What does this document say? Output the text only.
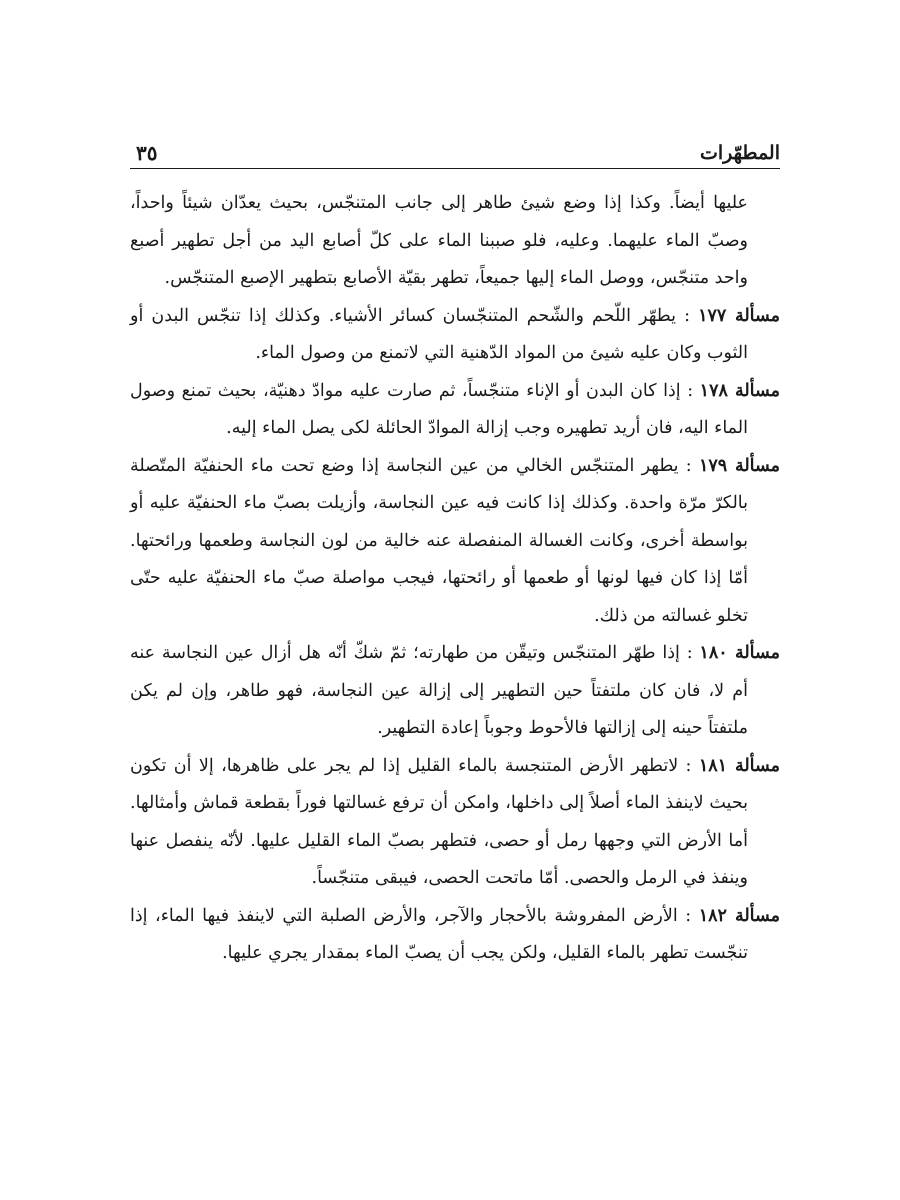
المطهّرات
٣٥

عليها أيضاً. وكذا إذا وضع شيئ طاهر إلى جانب المتنجّس، بحيث يعدّان شيئاً واحداً، وصبّ الماء عليهما. وعليه، فلو صببنا الماء على كلّ أصابع اليد من أجل تطهير أصبع واحد متنجّس، ووصل الماء إليها جميعاً، تطهر بقيّة الأصابع بتطهير الإصبع المتنجّس.

مسألة ١٧٧ : يطهّر اللّحم والشّحم المتنجّسان كسائر الأشياء. وكذلك إذا تنجّس البدن أو الثوب وكان عليه شيئ من المواد الدّهنية التي لاتمنع من وصول الماء.

مسألة ١٧٨ : إذا كان البدن أو الإناء متنجّساً، ثم صارت عليه موادّ دهنيّة، بحيث تمنع وصول الماء اليه، فان أريد تطهيره وجب إزالة الموادّ الحائلة لكى يصل الماء إليه.

مسألة ١٧٩ : يطهر المتنجّس الخالي من عين النجاسة إذا وضع تحت ماء الحنفيّة المتّصلة بالكرّ مرّة واحدة. وكذلك إذا كانت فيه عين النجاسة، وأزيلت بصبّ ماء الحنفيّة عليه أو بواسطة أخرى، وكانت الغسالة المنفصلة عنه خالية من لون النجاسة وطعمها ورائحتها. أمّا إذا كان فيها لونها أو طعمها أو رائحتها، فيجب مواصلة صبّ ماء الحنفيّة عليه حتّى تخلو غسالته من ذلك.

مسألة ١٨٠ : إذا طهّر المتنجّس وتيقّن من طهارته؛ ثمّ شكّ أنّه هل أزال عين النجاسة عنه أم لا، فان كان ملتفتاً حين التطهير إلى إزالة عين النجاسة، فهو طاهر، وإن لم يكن ملتفتاً حينه إلى إزالتها فالأحوط وجوباً إعادة التطهير.

مسألة ١٨١ : لاتطهر الأرض المتنجسة بالماء القليل إذا لم يجر على ظاهرها، إلا أن تكون بحيث لاينفذ الماء أصلاً إلى داخلها، وامكن أن ترفع غسالتها فوراً بقطعة قماش وأمثالها. أما الأرض التي وجهها رمل أو حصى، فتطهر بصبّ الماء القليل عليها. لأنّه ينفصل عنها وينفذ في الرمل والحصى. أمّا ماتحت الحصى، فيبقى متنجّساً.

مسألة ١٨٢ : الأرض المفروشة بالأحجار والآجر، والأرض الصلبة التي لاينفذ فيها الماء، إذا تنجّست تطهر بالماء القليل، ولكن يجب أن يصبّ الماء بمقدار يجري عليها.
